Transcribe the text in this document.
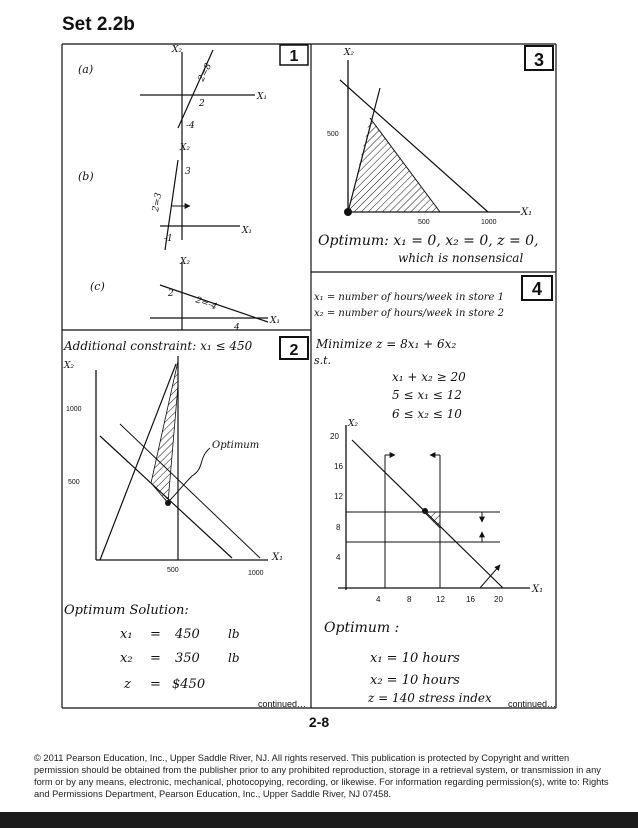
Set 2.2b
1
(a)
X₂
X₁
2
-4
2=8
(b)
X₂
X₁
3
-1
2=3
(c)
X₂
X₁
2
4
2=-4
Additional constraint: x₁ ≤ 450 2
X₂
X₁
1000
500
500	1000
Optimum
Optimum Solution:
x₁ = 450 lb
x₂ = 350 lb
z = $450
3
X₂
X₁
500
500	1000
Optimum: x₁ = 0, x₂ = 0, z = 0,
which is nonsensical
4
x₁ = number of hours/week in store 1
x₂ = number of hours/week in store 2
Minimize z = 8x₁ + 6x₂
s.t.
x₁ + x₂ ≥ 20
5 ≤ x₁ ≤ 12
6 ≤ x₂ ≤ 10
X₂
X₁
20
16
12
8
4
4	8	12	16 20
Optimum :
x₁ = 10 hours
x₂ = 10 hours
z = 140 stress index
continued…	continued…
2-8
© 2011 Pearson Education, Inc., Upper Saddle River, NJ. All rights reserved. This publication is protected by Copyright and written permission should be obtained from the publisher prior to any prohibited reproduction, storage in a retrieval system, or transmission in any form or by any means, electronic, mechanical, photocopying, recording, or likewise. For information regarding permission(s), write to: Rights and Permissions Department, Pearson Education, Inc., Upper Saddle River, NJ 07458.
